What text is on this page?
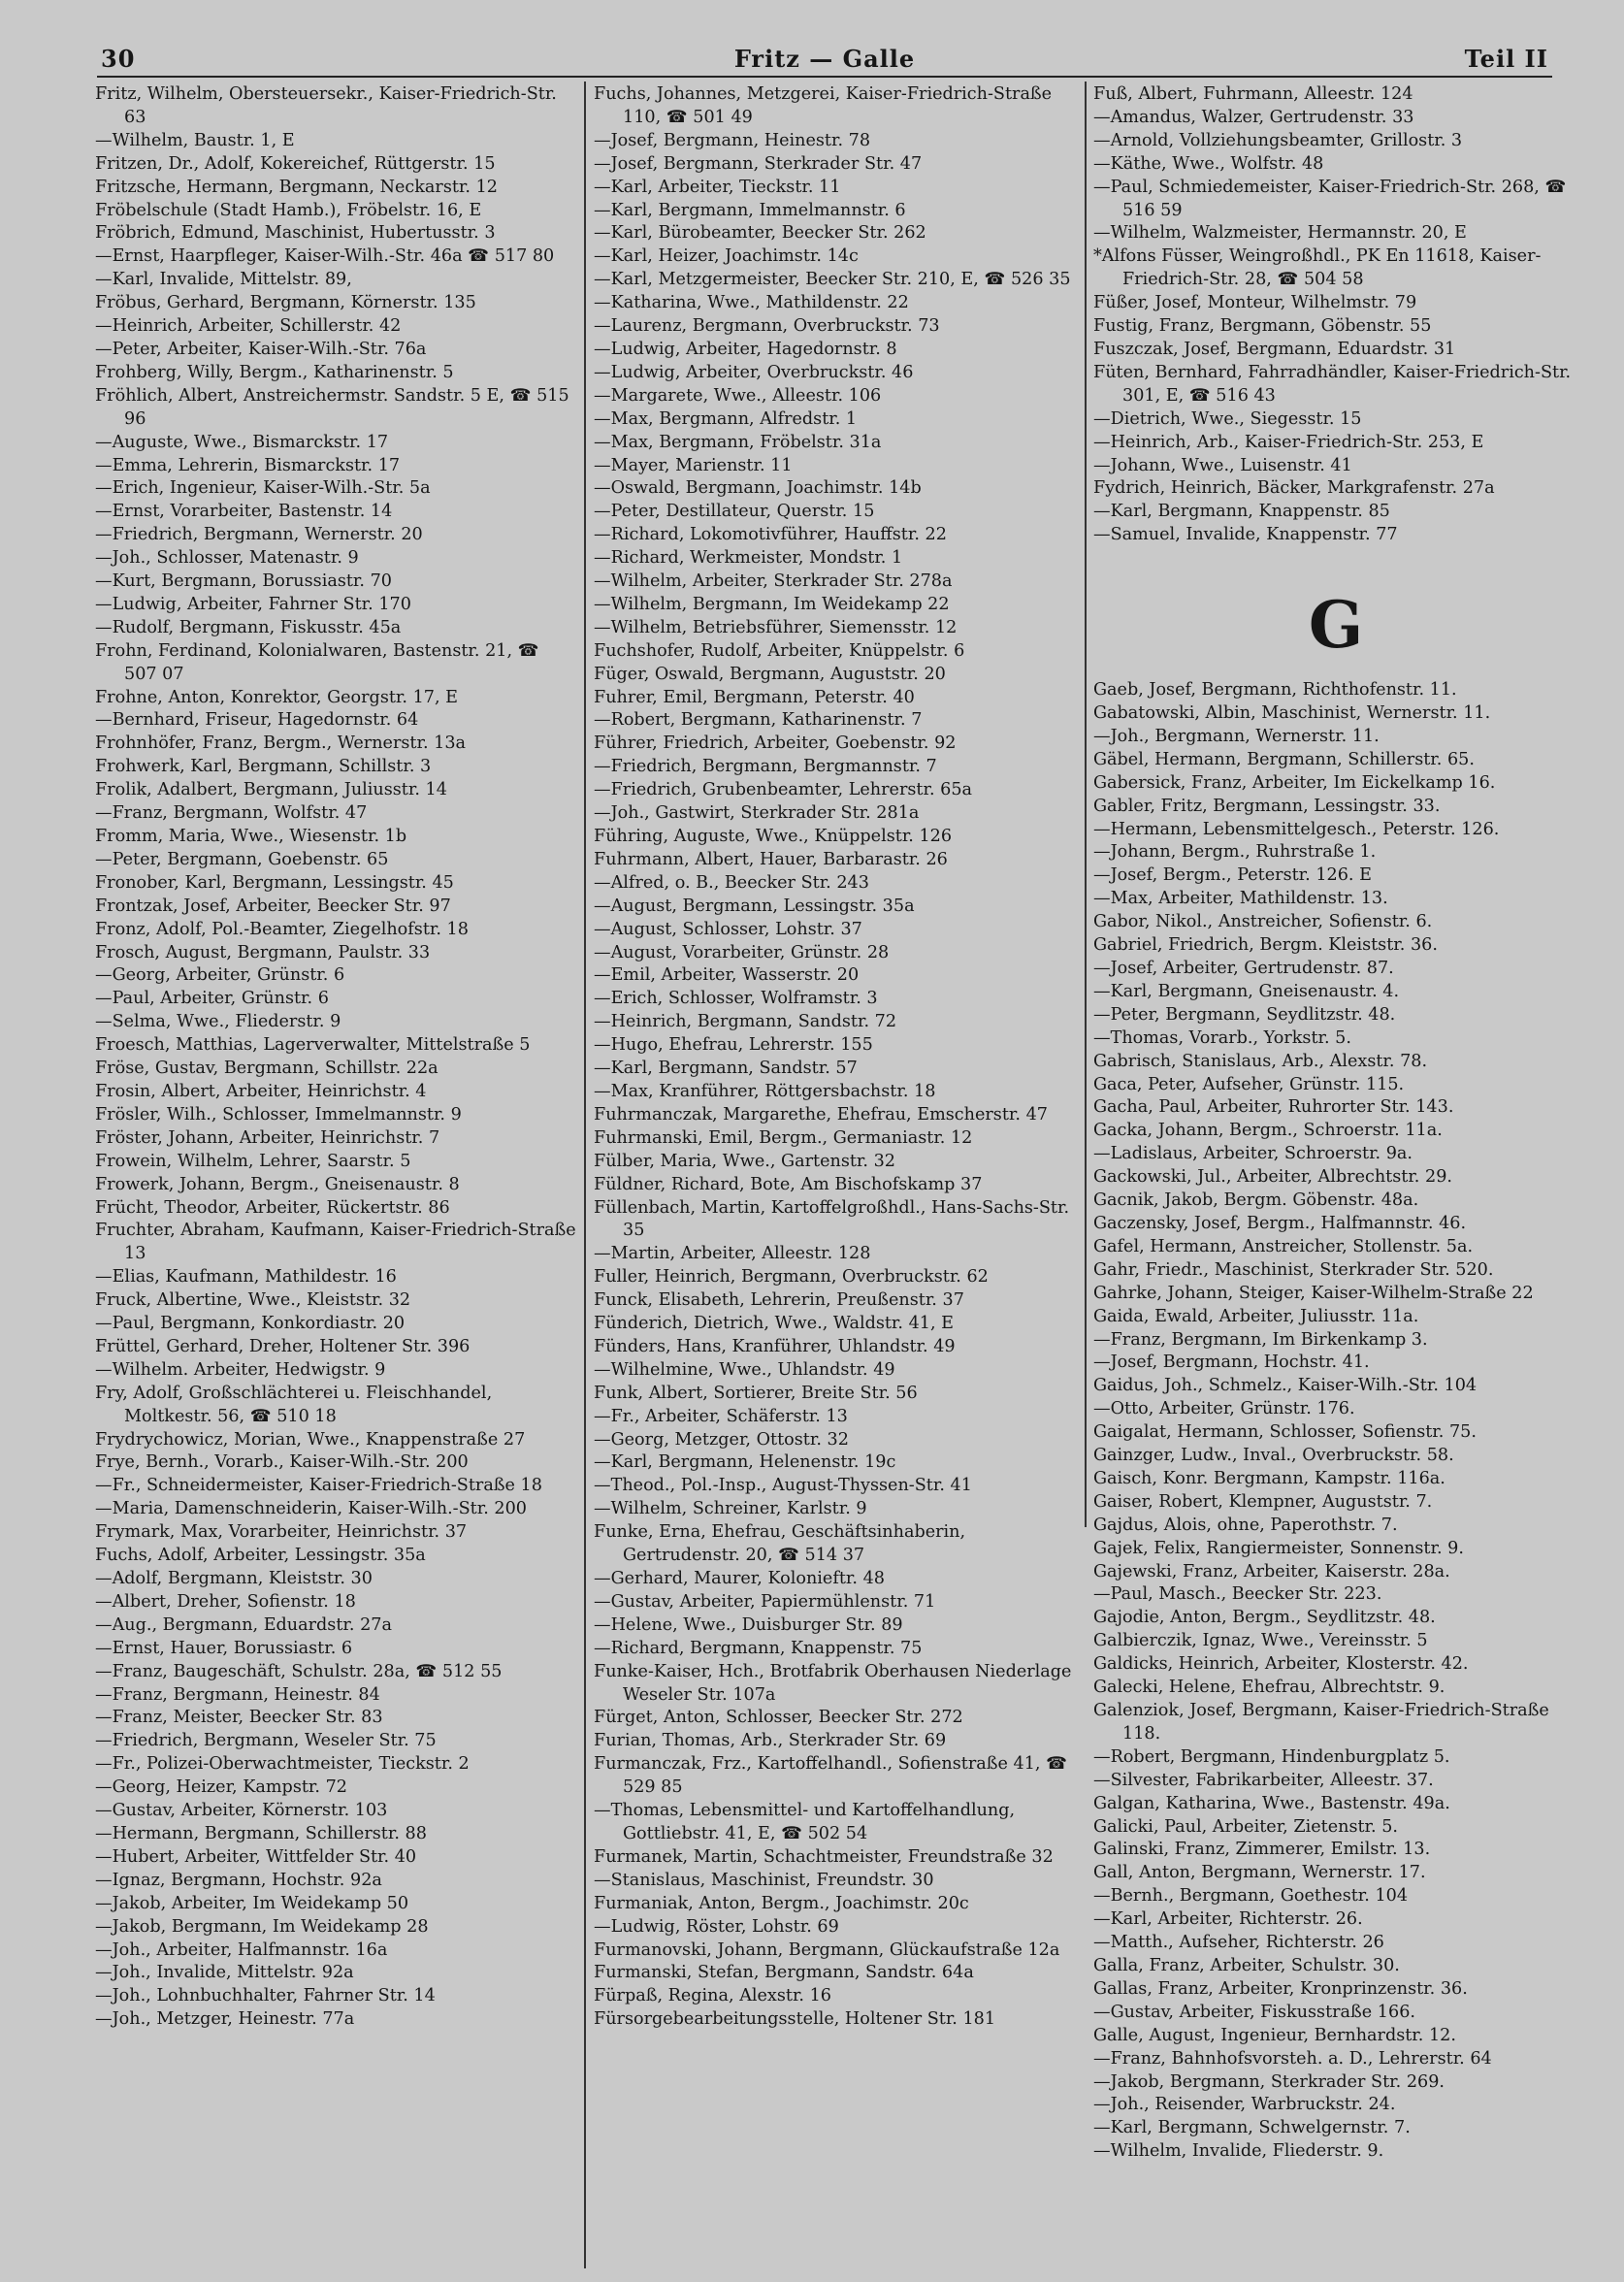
30	Fritz — Galle	Teil II

Fritz, Wilhelm, Obersteuersekr., Kaiser-Friedrich-Str. 63

—Wilhelm, Baustr. 1, E

Fritzen, Dr., Adolf, Kokereichef, Rüttgerstr. 15

Fritzsche, Hermann, Bergmann, Neckarstr. 12

Fröbelschule (Stadt Hamb.), Fröbelstr. 16, E

Fröbrich, Edmund, Maschinist, Hubertusstr. 3

—Ernst, Haarpfleger, Kaiser-Wilh.-Str. 46a ☎ 517 80

—Karl, Invalide, Mittelstr. 89,

Fröbus, Gerhard, Bergmann, Körnerstr. 135

—Heinrich, Arbeiter, Schillerstr. 42

—Peter, Arbeiter, Kaiser-Wilh.-Str. 76a

Frohberg, Willy, Bergm., Katharinenstr. 5

Fröhlich, Albert, Anstreichermstr. Sandstr. 5 E, ☎ 515 96

—Auguste, Wwe., Bismarckstr. 17

—Emma, Lehrerin, Bismarckstr. 17

—Erich, Ingenieur, Kaiser-Wilh.-Str. 5a

—Ernst, Vorarbeiter, Bastenstr. 14

—Friedrich, Bergmann, Wernerstr. 20

—Joh., Schlosser, Matenastr. 9

—Kurt, Bergmann, Borussiastr. 70

—Ludwig, Arbeiter, Fahrner Str. 170

—Rudolf, Bergmann, Fiskusstr. 45a

Frohn, Ferdinand, Kolonialwaren, Bastenstr. 21, ☎ 507 07

Frohne, Anton, Konrektor, Georgstr. 17, E

—Bernhard, Friseur, Hagedornstr. 64

Frohnhöfer, Franz, Bergm., Wernerstr. 13a

Frohwerk, Karl, Bergmann, Schillstr. 3

Frolik, Adalbert, Bergmann, Juliusstr. 14

—Franz, Bergmann, Wolfstr. 47

Fromm, Maria, Wwe., Wiesenstr. 1b

—Peter, Bergmann, Goebenstr. 65

Fronober, Karl, Bergmann, Lessingstr. 45

Frontzak, Josef, Arbeiter, Beecker Str. 97

Fronz, Adolf, Pol.-Beamter, Ziegelhofstr. 18

Frosch, August, Bergmann, Paulstr. 33

—Georg, Arbeiter, Grünstr. 6

—Paul, Arbeiter, Grünstr. 6

—Selma, Wwe., Fliederstr. 9

Froesch, Matthias, Lagerverwalter, Mittelstraße 5

Fröse, Gustav, Bergmann, Schillstr. 22a

Frosin, Albert, Arbeiter, Heinrichstr. 4

Frösler, Wilh., Schlosser, Immelmannstr. 9

Fröster, Johann, Arbeiter, Heinrichstr. 7

Frowein, Wilhelm, Lehrer, Saarstr. 5

Frowerk, Johann, Bergm., Gneisenaustr. 8

Frücht, Theodor, Arbeiter, Rückertstr. 86

Fruchter, Abraham, Kaufmann, Kaiser-Friedrich-Straße 13

—Elias, Kaufmann, Mathildestr. 16

Fruck, Albertine, Wwe., Kleiststr. 32

—Paul, Bergmann, Konkordiastr. 20

Früttel, Gerhard, Dreher, Holtener Str. 396

—Wilhelm. Arbeiter, Hedwigstr. 9

Fry, Adolf, Großschlächterei u. Fleischhandel, Moltkestr. 56, ☎ 510 18

Frydrychowicz, Morian, Wwe., Knappenstraße 27

Frye, Bernh., Vorarb., Kaiser-Wilh.-Str. 200

—Fr., Schneidermeister, Kaiser-Friedrich-Straße 18

—Maria, Damenschneiderin, Kaiser-Wilh.-Str. 200

Frymark, Max, Vorarbeiter, Heinrichstr. 37

Fuchs, Adolf, Arbeiter, Lessingstr. 35a

—Adolf, Bergmann, Kleiststr. 30

—Albert, Dreher, Sofienstr. 18

—Aug., Bergmann, Eduardstr. 27a

—Ernst, Hauer, Borussiastr. 6

—Franz, Baugeschäft, Schulstr. 28a, ☎ 512 55

—Franz, Bergmann, Heinestr. 84

—Franz, Meister, Beecker Str. 83

—Friedrich, Bergmann, Weseler Str. 75

—Fr., Polizei-Oberwachtmeister, Tieckstr. 2

—Georg, Heizer, Kampstr. 72

—Gustav, Arbeiter, Körnerstr. 103

—Hermann, Bergmann, Schillerstr. 88

—Hubert, Arbeiter, Wittfelder Str. 40

—Ignaz, Bergmann, Hochstr. 92a

—Jakob, Arbeiter, Im Weidekamp 50

—Jakob, Bergmann, Im Weidekamp 28

—Joh., Arbeiter, Halfmannstr. 16a

—Joh., Invalide, Mittelstr. 92a

—Joh., Lohnbuchhalter, Fahrner Str. 14

—Joh., Metzger, Heinestr. 77a

Fuchs, Johannes, Metzgerei, Kaiser-Friedrich-Straße 110, ☎ 501 49

—Josef, Bergmann, Heinestr. 78

—Josef, Bergmann, Sterkrader Str. 47

—Karl, Arbeiter, Tieckstr. 11

—Karl, Bergmann, Immelmannstr. 6

—Karl, Bürobeamter, Beecker Str. 262

—Karl, Heizer, Joachimstr. 14c

—Karl, Metzgermeister, Beecker Str. 210, E, ☎ 526 35

—Katharina, Wwe., Mathildenstr. 22

—Laurenz, Bergmann, Overbruckstr. 73

—Ludwig, Arbeiter, Hagedornstr. 8

—Ludwig, Arbeiter, Overbruckstr. 46

—Margarete, Wwe., Alleestr. 106

—Max, Bergmann, Alfredstr. 1

—Max, Bergmann, Fröbelstr. 31a

—Mayer, Marienstr. 11

—Oswald, Bergmann, Joachimstr. 14b

—Peter, Destillateur, Querstr. 15

—Richard, Lokomotivführer, Hauffstr. 22

—Richard, Werkmeister, Mondstr. 1

—Wilhelm, Arbeiter, Sterkrader Str. 278a

—Wilhelm, Bergmann, Im Weidekamp 22

—Wilhelm, Betriebsführer, Siemensstr. 12

Fuchshofer, Rudolf, Arbeiter, Knüppelstr. 6

Füger, Oswald, Bergmann, Auguststr. 20

Fuhrer, Emil, Bergmann, Peterstr. 40

—Robert, Bergmann, Katharinenstr. 7

Führer, Friedrich, Arbeiter, Goebenstr. 92

—Friedrich, Bergmann, Bergmannstr. 7

—Friedrich, Grubenbeamter, Lehrerstr. 65a

—Joh., Gastwirt, Sterkrader Str. 281a

Führing, Auguste, Wwe., Knüppelstr. 126

Fuhrmann, Albert, Hauer, Barbarastr. 26

—Alfred, o. B., Beecker Str. 243

—August, Bergmann, Lessingstr. 35a

—August, Schlosser, Lohstr. 37

—August, Vorarbeiter, Grünstr. 28

—Emil, Arbeiter, Wasserstr. 20

—Erich, Schlosser, Wolframstr. 3

—Heinrich, Bergmann, Sandstr. 72

—Hugo, Ehefrau, Lehrerstr. 155

—Karl, Bergmann, Sandstr. 57

—Max, Kranführer, Röttgersbachstr. 18

Fuhrmanczak, Margarethe, Ehefrau, Emscherstr. 47

Fuhrmanski, Emil, Bergm., Germaniastr. 12

Fülber, Maria, Wwe., Gartenstr. 32

Füldner, Richard, Bote, Am Bischofskamp 37

Füllenbach, Martin, Kartoffelgroßhdl., Hans-Sachs-Str. 35

—Martin, Arbeiter, Alleestr. 128

Fuller, Heinrich, Bergmann, Overbruckstr. 62

Funck, Elisabeth, Lehrerin, Preußenstr. 37

Fünderich, Dietrich, Wwe., Waldstr. 41, E

Fünders, Hans, Kranführer, Uhlandstr. 49

—Wilhelmine, Wwe., Uhlandstr. 49

Funk, Albert, Sortierer, Breite Str. 56

—Fr., Arbeiter, Schäferstr. 13

—Georg, Metzger, Ottostr. 32

—Karl, Bergmann, Helenenstr. 19c

—Theod., Pol.-Insp., August-Thyssen-Str. 41

—Wilhelm, Schreiner, Karlstr. 9

Funke, Erna, Ehefrau, Geschäftsinhaberin, Gertrudenstr. 20, ☎ 514 37

—Gerhard, Maurer, Kolonieftr. 48

—Gustav, Arbeiter, Papiermühlenstr. 71

—Helene, Wwe., Duisburger Str. 89

—Richard, Bergmann, Knappenstr. 75

Funke-Kaiser, Hch., Brotfabrik Oberhausen Niederlage Weseler Str. 107a

Fürget, Anton, Schlosser, Beecker Str. 272

Furian, Thomas, Arb., Sterkrader Str. 69

Furmanczak, Frz., Kartoffelhandl., Sofienstraße 41, ☎ 529 85

—Thomas, Lebensmittel- und Kartoffelhandlung, Gottliebstr. 41, E, ☎ 502 54

Furmanek, Martin, Schachtmeister, Freundstraße 32

—Stanislaus, Maschinist, Freundstr. 30

Furmaniak, Anton, Bergm., Joachimstr. 20c

—Ludwig, Röster, Lohstr. 69

Furmanovski, Johann, Bergmann, Glückaufstraße 12a

Furmanski, Stefan, Bergmann, Sandstr. 64a

Fürpaß, Regina, Alexstr. 16

Fürsorgebearbeitungsstelle, Holtener Str. 181

Fuß, Albert, Fuhrmann, Alleestr. 124

—Amandus, Walzer, Gertrudenstr. 33

—Arnold, Vollziehungsbeamter, Grillostr. 3

—Käthe, Wwe., Wolfstr. 48

—Paul, Schmiedemeister, Kaiser-Friedrich-Str. 268, ☎ 516 59

—Wilhelm, Walzmeister, Hermannstr. 20, E

*Alfons Füsser, Weingroßhdl., PK En 11618, Kaiser-Friedrich-Str. 28, ☎ 504 58

Füßer, Josef, Monteur, Wilhelmstr. 79

Fustig, Franz, Bergmann, Göbenstr. 55

Fuszczak, Josef, Bergmann, Eduardstr. 31

Füten, Bernhard, Fahrradhändler, Kaiser-Friedrich-Str. 301, E, ☎ 516 43

—Dietrich, Wwe., Siegesstr. 15

—Heinrich, Arb., Kaiser-Friedrich-Str. 253, E

—Johann, Wwe., Luisenstr. 41

Fydrich, Heinrich, Bäcker, Markgrafenstr. 27a

—Karl, Bergmann, Knappenstr. 85

—Samuel, Invalide, Knappenstr. 77

G

Gaeb, Josef, Bergmann, Richthofenstr. 11.

Gabatowski, Albin, Maschinist, Wernerstr. 11.

—Joh., Bergmann, Wernerstr. 11.

Gäbel, Hermann, Bergmann, Schillerstr. 65.

Gabersick, Franz, Arbeiter, Im Eickelkamp 16.

Gabler, Fritz, Bergmann, Lessingstr. 33.

—Hermann, Lebensmittelgesch., Peterstr. 126.

—Johann, Bergm., Ruhrstraße 1.

—Josef, Bergm., Peterstr. 126. E

—Max, Arbeiter, Mathildenstr. 13.

Gabor, Nikol., Anstreicher, Sofienstr. 6.

Gabriel, Friedrich, Bergm. Kleiststr. 36.

—Josef, Arbeiter, Gertrudenstr. 87.

—Karl, Bergmann, Gneisenaustr. 4.

—Peter, Bergmann, Seydlitzstr. 48.

—Thomas, Vorarb., Yorkstr. 5.

Gabrisch, Stanislaus, Arb., Alexstr. 78.

Gaca, Peter, Aufseher, Grünstr. 115.

Gacha, Paul, Arbeiter, Ruhrorter Str. 143.

Gacka, Johann, Bergm., Schroerstr. 11a.

—Ladislaus, Arbeiter, Schroerstr. 9a.

Gackowski, Jul., Arbeiter, Albrechtstr. 29.

Gacnik, Jakob, Bergm. Göbenstr. 48a.

Gaczensky, Josef, Bergm., Halfmannstr. 46.

Gafel, Hermann, Anstreicher, Stollenstr. 5a.

Gahr, Friedr., Maschinist, Sterkrader Str. 520.

Gahrke, Johann, Steiger, Kaiser-Wilhelm-Straße 22

Gaida, Ewald, Arbeiter, Juliusstr. 11a.

—Franz, Bergmann, Im Birkenkamp 3.

—Josef, Bergmann, Hochstr. 41.

Gaidus, Joh., Schmelz., Kaiser-Wilh.-Str. 104

—Otto, Arbeiter, Grünstr. 176.

Gaigalat, Hermann, Schlosser, Sofienstr. 75.

Gainzger, Ludw., Inval., Overbruckstr. 58.

Gaisch, Konr. Bergmann, Kampstr. 116a.

Gaiser, Robert, Klempner, Auguststr. 7.

Gajdus, Alois, ohne, Paperothstr. 7.

Gajek, Felix, Rangiermeister, Sonnenstr. 9.

Gajewski, Franz, Arbeiter, Kaiserstr. 28a.

—Paul, Masch., Beecker Str. 223.

Gajodie, Anton, Bergm., Seydlitzstr. 48.

Galbierczik, Ignaz, Wwe., Vereinsstr. 5

Galdicks, Heinrich, Arbeiter, Klosterstr. 42.

Galecki, Helene, Ehefrau, Albrechtstr. 9.

Galenziok, Josef, Bergmann, Kaiser-Friedrich-Straße 118.

—Robert, Bergmann, Hindenburgplatz 5.

—Silvester, Fabrikarbeiter, Alleestr. 37.

Galgan, Katharina, Wwe., Bastenstr. 49a.

Galicki, Paul, Arbeiter, Zietenstr. 5.

Galinski, Franz, Zimmerer, Emilstr. 13.

Gall, Anton, Bergmann, Wernerstr. 17.

—Bernh., Bergmann, Goethestr. 104

—Karl, Arbeiter, Richterstr. 26.

—Matth., Aufseher, Richterstr. 26

Galla, Franz, Arbeiter, Schulstr. 30.

Gallas, Franz, Arbeiter, Kronprinzenstr. 36.

—Gustav, Arbeiter, Fiskusstraße 166.

Galle, August, Ingenieur, Bernhardstr. 12.

—Franz, Bahnhofsvorsteh. a. D., Lehrerstr. 64

—Jakob, Bergmann, Sterkrader Str. 269.

—Joh., Reisender, Warbruckstr. 24.

—Karl, Bergmann, Schwelgernstr. 7.

—Wilhelm, Invalide, Fliederstr. 9.
